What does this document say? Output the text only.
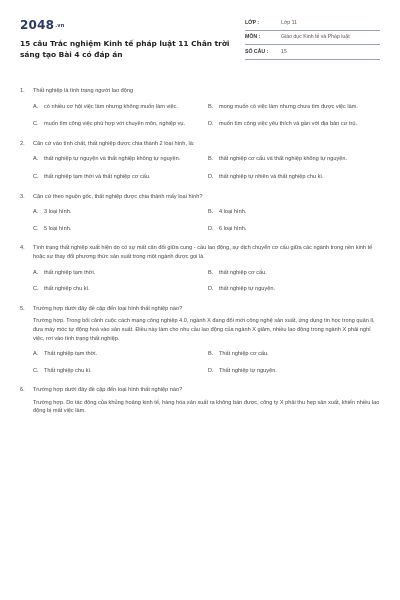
2048.vn
15 câu Trắc nghiệm Kinh tế pháp luật 11 Chân trời sáng tạo Bài 4 có đáp án
LỚP :	Lớp 11
MÔN :	Giáo dục Kinh tế và Pháp luật
SỐ CÂU :	15
1.	Thất nghiệp là tình trạng người lao động
A.	có nhiều cơ hội việc làm nhưng không muốn làm việc.	B.	mong muốn có việc làm nhưng chưa tìm được việc làm.
C. muốn tìm công việc phù hợp với chuyên môn, nghiệp vụ.	D. muốn tìm công việc yêu thích và gần với địa bàn cư trú.
2.	Căn cứ vào tính chất, thất nghiệp được chia thành 2 loại hình, là:
A.	thất nghiệp tự nguyện và thất nghiệp không tự nguyện.	B.	thất nghiệp cơ cấu và thất nghiệp không tự nguyện.
C. thất nghiệp tạm thời và thất nghiệp cơ cấu.	D. thất nghiệp tự nhiên và thất nghiệp chu kì.
3.	Căn cứ theo nguồn gốc, thất nghiệp được chia thành mấy loại hình?
A.	3 loại hình.	B.	4 loại hình.
C. 5 loại hình.	D. 6 loại hình.
4.	Tình trạng thất nghiệp xuất hiện do có sự mất cân đối giữa cung - cầu lao động, sự dịch chuyển cơ cấu giữa các ngành trong nền kinh tế hoặc sự thay đổi phương thức sản xuất trong một ngành được gọi là
A.	thất nghiệp tạm thời.	B.	thất nghiệp cơ cấu.
C. thất nghiệp chu kì.	D. thất nghiệp tự nguyện.
5.	Trường hợp dưới đây đề cập đến loại hình thất nghiệp nào?
Trường hợp. Trong bối cảnh cuộc cách mạng công nghiệp 4.0, ngành X đang đổi mới công nghệ sản xuất, ứng dụng tin học trong quản lí, đưa máy móc tự động hoá vào sản xuất. Điều này làm cho nhu cầu lao động của ngành X giảm, nhiều lao động trong ngành X phải nghỉ việc, rơi vào tình trạng thất nghiệp.
A.	Thất nghiệp tạm thời.	B.	Thất nghiệp cơ cấu.
C. Thất nghiệp chu kì.	D. Thất nghiệp tự nguyện.
6.	Trường hợp dưới đây đề cập đến loại hình thất nghiệp nào?
Trường hợp. Do tác động của khủng hoảng kinh tế, hàng hóa sản xuất ra không bán được, công ty X phải thu hẹp sản xuất, khiến nhiều lao động bị mất việc làm.
